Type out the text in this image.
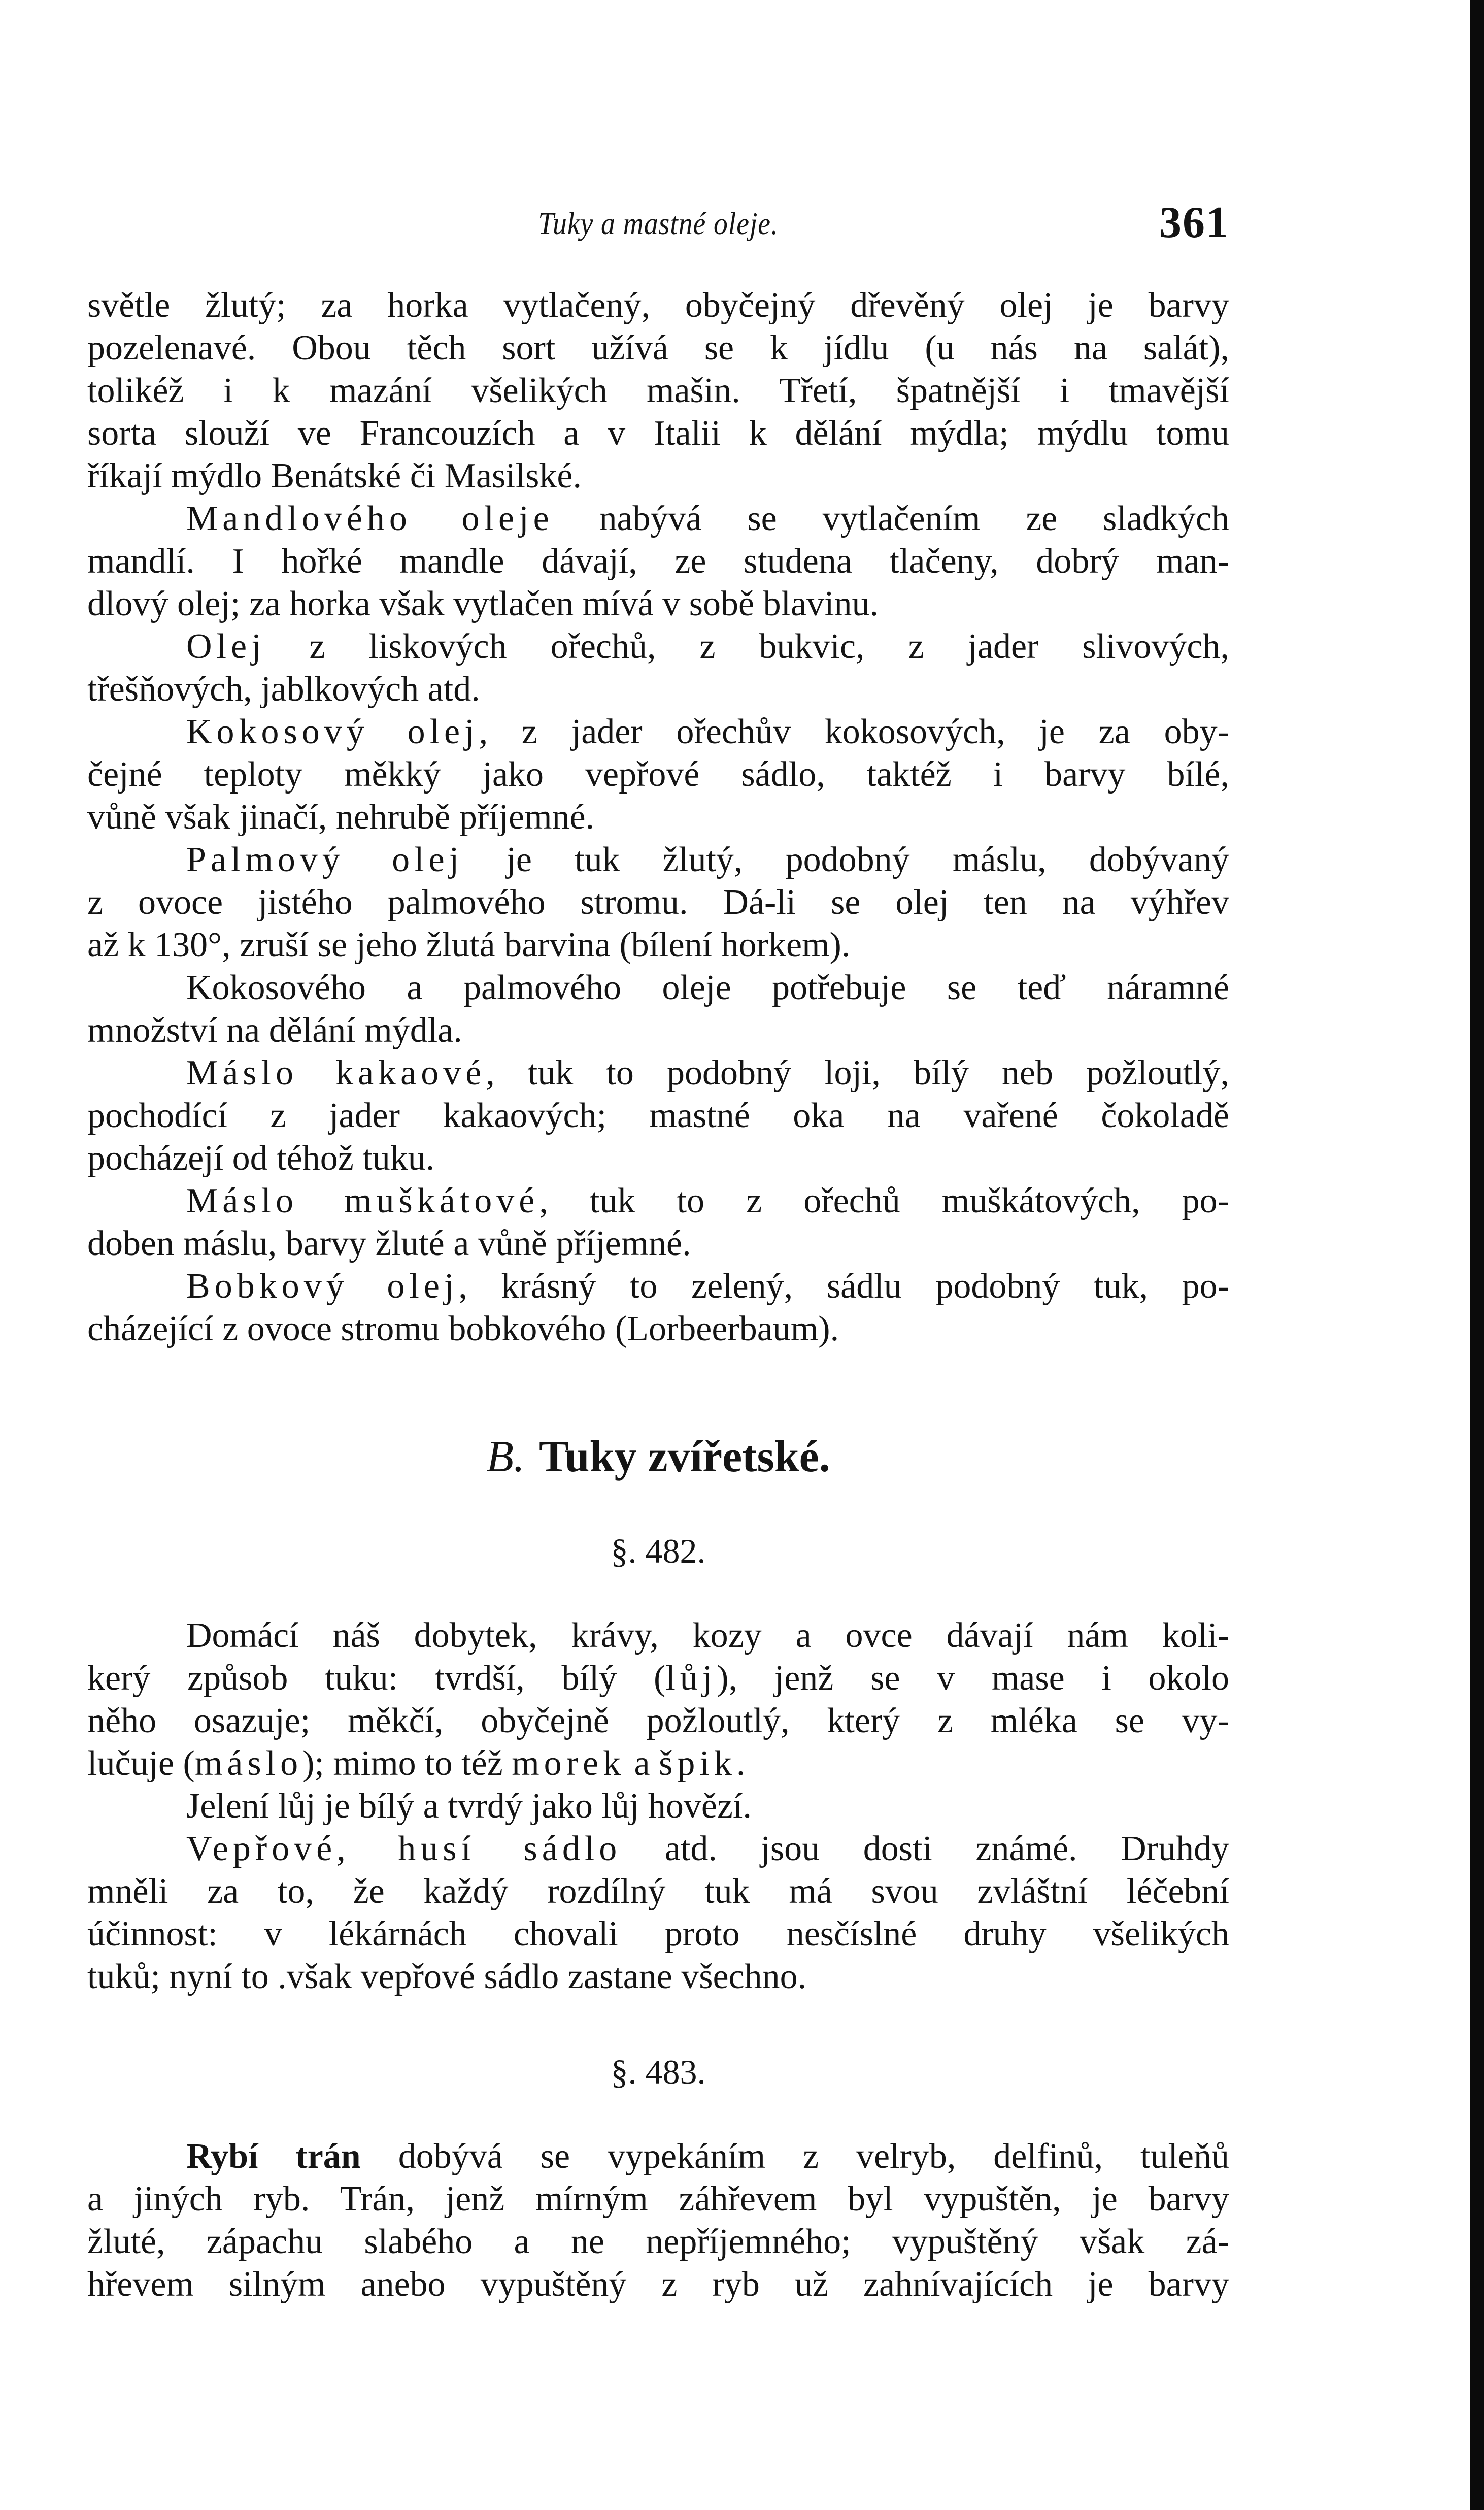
Tuky a mastné oleje.	361
světle žlutý; za horka vytlačený, obyčejný dřevěný olej je barvy
pozelenavé. Obou těch sort užívá se k jídlu (u nás na salát),
tolikéž i k mazání všelikých mašin. Třetí, špatnější i tmavější
sorta slouží ve Francouzích a v Italii k dělání mýdla; mýdlu tomu
říkají mýdlo Benátské či Masilské.
Mandlového oleje nabývá se vytlačením ze sladkých
mandlí. I hořké mandle dávají, ze studena tlačeny, dobrý man-
dlový olej; za horka však vytlačen mívá v sobě blavinu.
Olej z liskových ořechů, z bukvic, z jader slivových,
třešňových, jablkových atd.
Kokosový olej, z jader ořechův kokosových, je za oby-
čejné teploty měkký jako vepřové sádlo, taktéž i barvy bílé,
vůně však jinačí, nehrubě příjemné.
Palmový olej je tuk žlutý, podobný máslu, dobývaný
z ovoce jistého palmového stromu. Dá-li se olej ten na výhřev
až k 130°, zruší se jeho žlutá barvina (bílení horkem).
Kokosového a palmového oleje potřebuje se teď náramné
množství na dělání mýdla.
Máslo kakaové, tuk to podobný loji, bílý neb požloutlý,
pochodící z jader kakaových; mastné oka na vařené čokoladě
pocházejí od téhož tuku.
Máslo muškátové, tuk to z ořechů muškátových, po-
doben máslu, barvy žluté a vůně příjemné.
Bobkový olej, krásný to zelený, sádlu podobný tuk, po-
cházející z ovoce stromu bobkového (Lorbeerbaum).
B. Tuky zvířetské.
§. 482.
Domácí náš dobytek, krávy, kozy a ovce dávají nám koli-
kerý způsob tuku: tvrdší, bílý (lůj), jenž se v mase i okolo
něho osazuje; měkčí, obyčejně požloutlý, který z mléka se vy-
lučuje (máslo); mimo to též morek a špik.
Jelení lůj je bílý a tvrdý jako lůj hovězí.
Vepřové, husí sádlo atd. jsou dosti známé. Druhdy
mněli za to, že každý rozdílný tuk má svou zvláštní léčební
účinnost: v lékárnách chovali proto nesčíslné druhy všelikých
tuků; nyní to .však vepřové sádlo zastane všechno.
§. 483.
Rybí trán dobývá se vypekáním z velryb, delfinů, tuleňů
a jiných ryb. Trán, jenž mírným záhřevem byl vypuštěn, je barvy
žluté, zápachu slabého a ne nepříjemného; vypuštěný však zá-
hřevem silným anebo vypuštěný z ryb už zahnívajících je barvy
